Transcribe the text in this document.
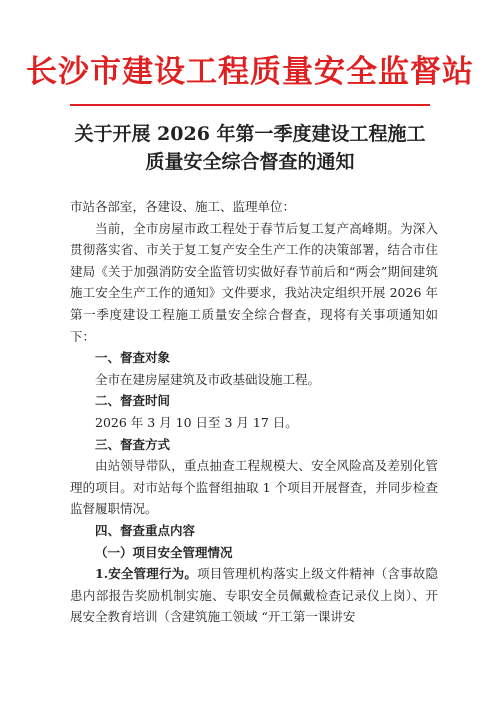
长沙市建设工程质量安全监督站
关于开展 2026 年第一季度建设工程施工
质量安全综合督查的通知

市站各部室，各建设、施工、监理单位：

当前，全市房屋市政工程处于春节后复工复产高峰期。为深入贯彻落实省、市关于复工复产安全生产工作的决策部署，结合市住建局《关于加强消防安全监管切实做好春节前后和“两会”期间建筑施工安全生产工作的通知》文件要求，我站决定组织开展 2026 年第一季度建设工程施工质量安全综合督查，现将有关事项通知如下：

一、督查对象

全市在建房屋建筑及市政基础设施工程。

二、督查时间

2026 年 3 月 10 日至 3 月 17 日。

三、督查方式

由站领导带队，重点抽查工程规模大、安全风险高及差别化管理的项目。对市站每个监督组抽取 1 个项目开展督查，并同步检查监督履职情况。

四、督查重点内容

（一）项目安全管理情况

1.安全管理行为。项目管理机构落实上级文件精神（含事故隐患内部报告奖励机制实施、专职安全员佩戴检查记录仪上岗）、开展安全教育培训（含建筑施工领域 “开工第一课讲安
